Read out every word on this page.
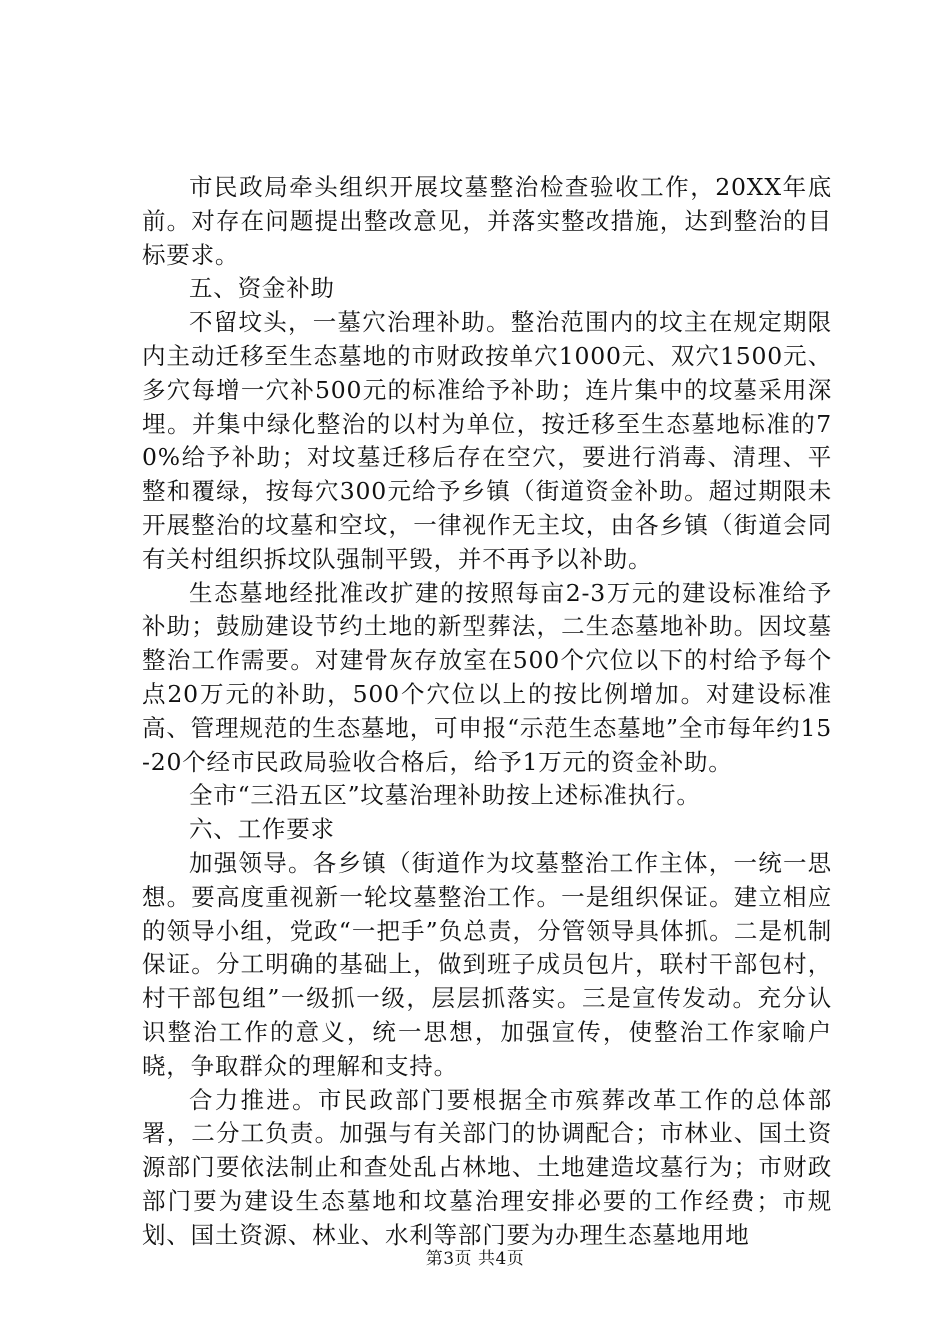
市民政局牵头组织开展坟墓整治检查验收工作，20XX年底前。对存在问题提出整改意见，并落实整改措施，达到整治的目标要求。

五、资金补助

不留坟头，一墓穴治理补助。整治范围内的坟主在规定期限内主动迁移至生态墓地的市财政按单穴1000元、双穴1500元、多穴每增一穴补500元的标准给予补助；连片集中的坟墓采用深埋。并集中绿化整治的以村为单位，按迁移至生态墓地标准的70%给予补助；对坟墓迁移后存在空穴，要进行消毒、清理、平整和覆绿，按每穴300元给予乡镇（街道资金补助。超过期限未开展整治的坟墓和空坟，一律视作无主坟，由各乡镇（街道会同有关村组织拆坟队强制平毁，并不再予以补助。

生态墓地经批准改扩建的按照每亩2-3万元的建设标准给予补助；鼓励建设节约土地的新型葬法，二生态墓地补助。因坟墓整治工作需要。对建骨灰存放室在500个穴位以下的村给予每个点20万元的补助，500个穴位以上的按比例增加。对建设标准高、管理规范的生态墓地，可申报“示范生态墓地”全市每年约15-20个经市民政局验收合格后，给予1万元的资金补助。

全市“三沿五区”坟墓治理补助按上述标准执行。

六、工作要求

加强领导。各乡镇（街道作为坟墓整治工作主体，一统一思想。要高度重视新一轮坟墓整治工作。一是组织保证。建立相应的领导小组，党政“一把手”负总责，分管领导具体抓。二是机制保证。分工明确的基础上，做到班子成员包片，联村干部包村，村干部包组”一级抓一级，层层抓落实。三是宣传发动。充分认识整治工作的意义，统一思想，加强宣传，使整治工作家喻户晓，争取群众的理解和支持。

合力推进。市民政部门要根据全市殡葬改革工作的总体部署，二分工负责。加强与有关部门的协调配合；市林业、国土资源部门要依法制止和查处乱占林地、土地建造坟墓行为；市财政部门要为建设生态墓地和坟墓治理安排必要的工作经费；市规划、国土资源、林业、水利等部门要为办理生态墓地用地

第3页 共4页
